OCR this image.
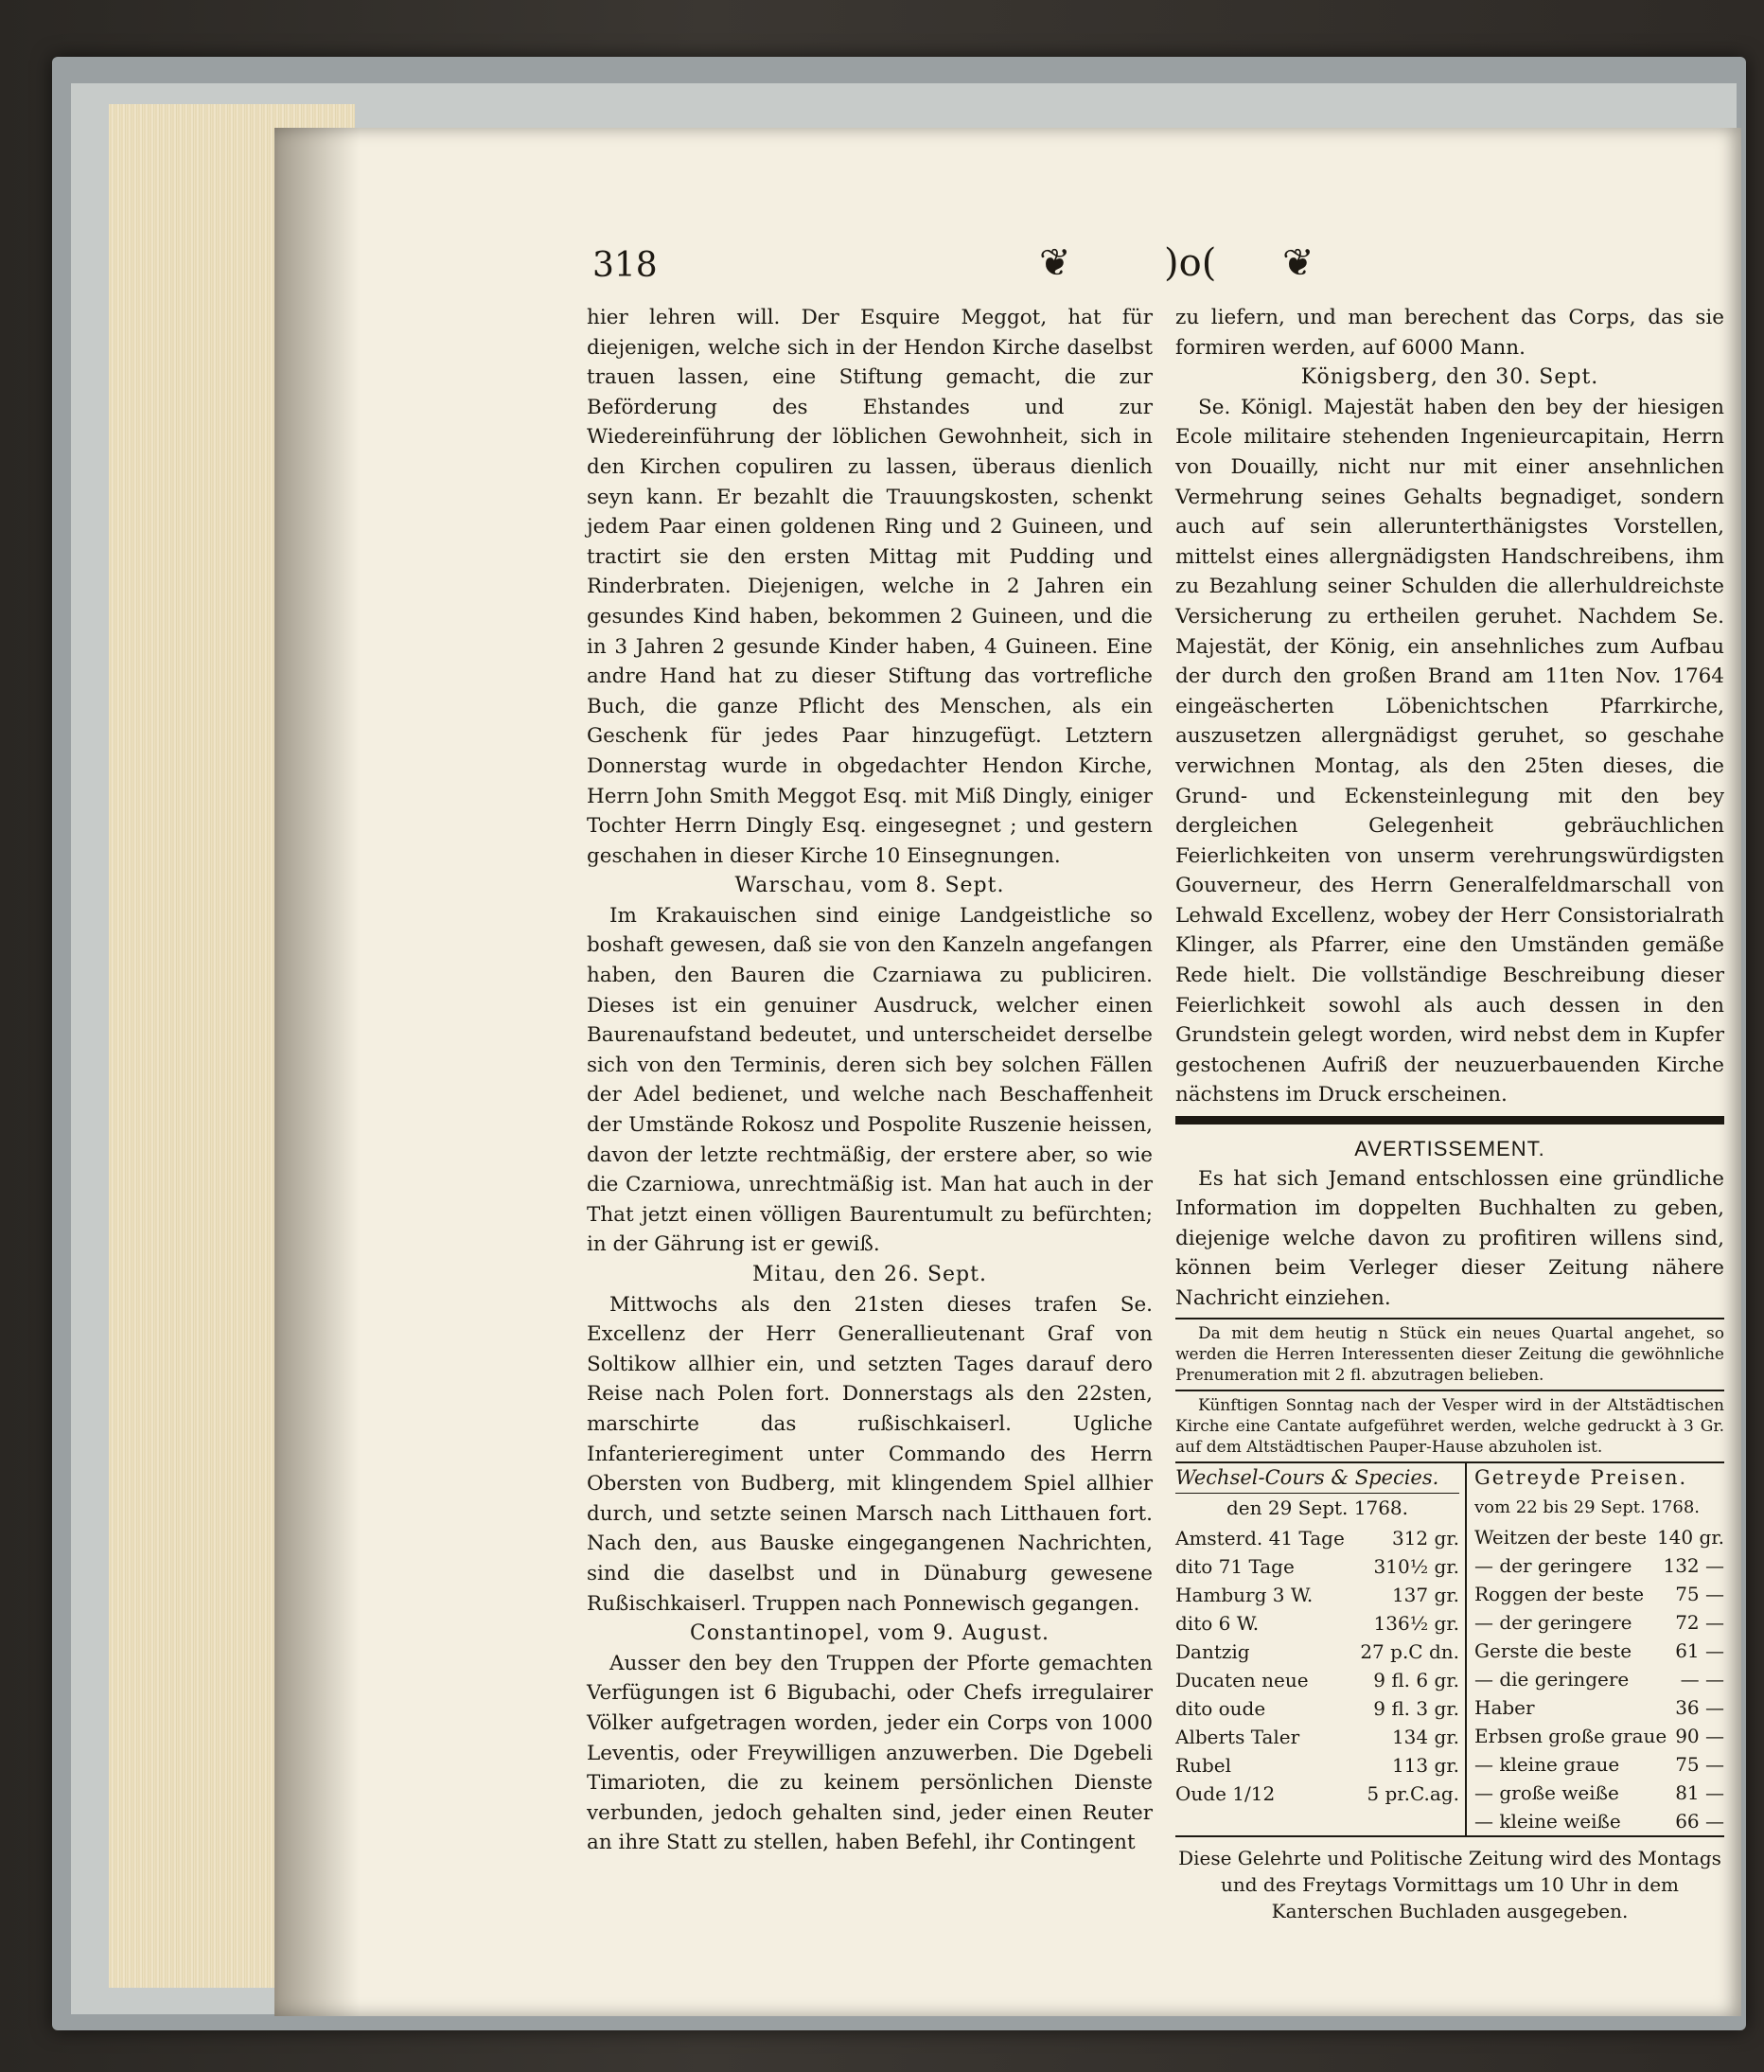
318	❦ )o( ❦

hier lehren will. Der Esquire Meggot, hat für diejenigen, welche sich in der Hendon Kirche daselbst trauen lassen, eine Stiftung gemacht, die zur Beförderung des Ehstandes und zur Wiedereinführung der löblichen Gewohnheit, sich in den Kirchen copuliren zu lassen, überaus dienlich seyn kann. Er bezahlt die Trauungskosten, schenkt jedem Paar einen goldenen Ring und 2 Guineen, und tractirt sie den ersten Mittag mit Pudding und Rinderbraten. Diejenigen, welche in 2 Jahren ein gesundes Kind haben, bekommen 2 Guineen, und die in 3 Jahren 2 gesunde Kinder haben, 4 Guineen. Eine andre Hand hat zu dieser Stiftung das vortrefliche Buch, die ganze Pflicht des Menschen, als ein Geschenk für jedes Paar hinzugefügt. Letztern Donnerstag wurde in obgedachter Hendon Kirche, Herrn John Smith Meggot Esq. mit Miß Dingly, einiger Tochter Herrn Dingly Esq. eingesegnet ; und gestern geschahen in dieser Kirche 10 Einsegnungen.

Warschau, vom 8. Sept.

Im Krakauischen sind einige Landgeistliche so boshaft gewesen, daß sie von den Kanzeln angefangen haben, den Bauren die Czarniawa zu publiciren. Dieses ist ein genuiner Ausdruck, welcher einen Baurenaufstand bedeutet, und unterscheidet derselbe sich von den Terminis, deren sich bey solchen Fällen der Adel bedienet, und welche nach Beschaffenheit der Umstände Rokosz und Pospolite Ruszenie heissen, davon der letzte rechtmäßig, der erstere aber, so wie die Czarniowa, unrechtmäßig ist. Man hat auch in der That jetzt einen völligen Baurentumult zu befürchten; in der Gährung ist er gewiß.

Mitau, den 26. Sept.

Mittwochs als den 21sten dieses trafen Se. Excellenz der Herr Generallieutenant Graf von Soltikow allhier ein, und setzten Tages darauf dero Reise nach Polen fort. Donnerstags als den 22sten, marschirte das rußischkaiserl. Ugliche Infanterieregiment unter Commando des Herrn Obersten von Budberg, mit klingendem Spiel allhier durch, und setzte seinen Marsch nach Litthauen fort. Nach den, aus Bauske eingegangenen Nachrichten, sind die daselbst und in Dünaburg gewesene Rußischkaiserl. Truppen nach Ponnewisch gegangen.

Constantinopel, vom 9. August.

Ausser den bey den Truppen der Pforte gemachten Verfügungen ist 6 Bigubachi, oder Chefs irregulairer Völker aufgetragen worden, jeder ein Corps von 1000 Leventis, oder Freywilligen anzuwerben. Die Dgebeli Timarioten, die zu keinem persönlichen Dienste verbunden, jedoch gehalten sind, jeder einen Reuter an ihre Statt zu stellen, haben Befehl, ihr Contingent

zu liefern, und man berechent das Corps, das sie formiren werden, auf 6000 Mann.

Königsberg, den 30. Sept.

Se. Königl. Majestät haben den bey der hiesigen Ecole militaire stehenden Ingenieurcapitain, Herrn von Douailly, nicht nur mit einer ansehnlichen Vermehrung seines Gehalts begnadiget, sondern auch auf sein allerunterthänigstes Vorstellen, mittelst eines allergnädigsten Handschreibens, ihm zu Bezahlung seiner Schulden die allerhuldreichste Versicherung zu ertheilen geruhet. Nachdem Se. Majestät, der König, ein ansehnliches zum Aufbau der durch den großen Brand am 11ten Nov. 1764 eingeäscherten Löbenichtschen Pfarrkirche, auszusetzen allergnädigst geruhet, so geschahe verwichnen Montag, als den 25ten dieses, die Grund- und Eckensteinlegung mit den bey dergleichen Gelegenheit gebräuchlichen Feierlichkeiten von unserm verehrungswürdigsten Gouverneur, des Herrn Generalfeldmarschall von Lehwald Excellenz, wobey der Herr Consistorialrath Klinger, als Pfarrer, eine den Umständen gemäße Rede hielt. Die vollständige Beschreibung dieser Feierlichkeit sowohl als auch dessen in den Grundstein gelegt worden, wird nebst dem in Kupfer gestochenen Aufriß der neuzuerbauenden Kirche nächstens im Druck erscheinen.

AVERTISSEMENT.

Es hat sich Jemand entschlossen eine gründliche Information im doppelten Buchhalten zu geben, diejenige welche davon zu profitiren willens sind, können beim Verleger dieser Zeitung nähere Nachricht einziehen.

Da mit dem heutig n Stück ein neues Quartal angehet, so werden die Herren Interessenten dieser Zeitung die gewöhnliche Prenumeration mit 2 fl. abzutragen belieben.

Künftigen Sonntag nach der Vesper wird in der Altstädtischen Kirche eine Cantate aufgeführet werden, welche gedruckt à 3 Gr. auf dem Altstädtischen Pauper-Hause abzuholen ist.

Wechsel-Cours & Species.
den 29 Sept. 1768.
Amsterd. 41 Tage	312 gr.
dito 71 Tage	310½ gr.
Hamburg 3 W.	137 gr.
dito 6 W.	136½ gr.
Dantzig	27 p.C dn.
Ducaten neue	9 fl. 6 gr.
dito oude	9 fl. 3 gr.
Alberts Taler	134 gr.
Rubel	113 gr.
Oude 1/12	5 pr.C.ag.
Getreyde Preisen.
vom 22 bis 29 Sept. 1768.
Weitzen der beste 140 gr.
— der geringere 132 —
Roggen der beste 75 —
— der geringere 72 —
Gerste die beste 61 —
— die geringere	— —
Haber	36 —
Erbsen große graue 90 —
— kleine graue	75 —
— große weiße	81 —
— kleine weiße	66 —
Diese Gelehrte und Politische Zeitung wird des Montags und des Freytags Vormittags um 10 Uhr in dem Kanterschen Buchladen ausgegeben.
